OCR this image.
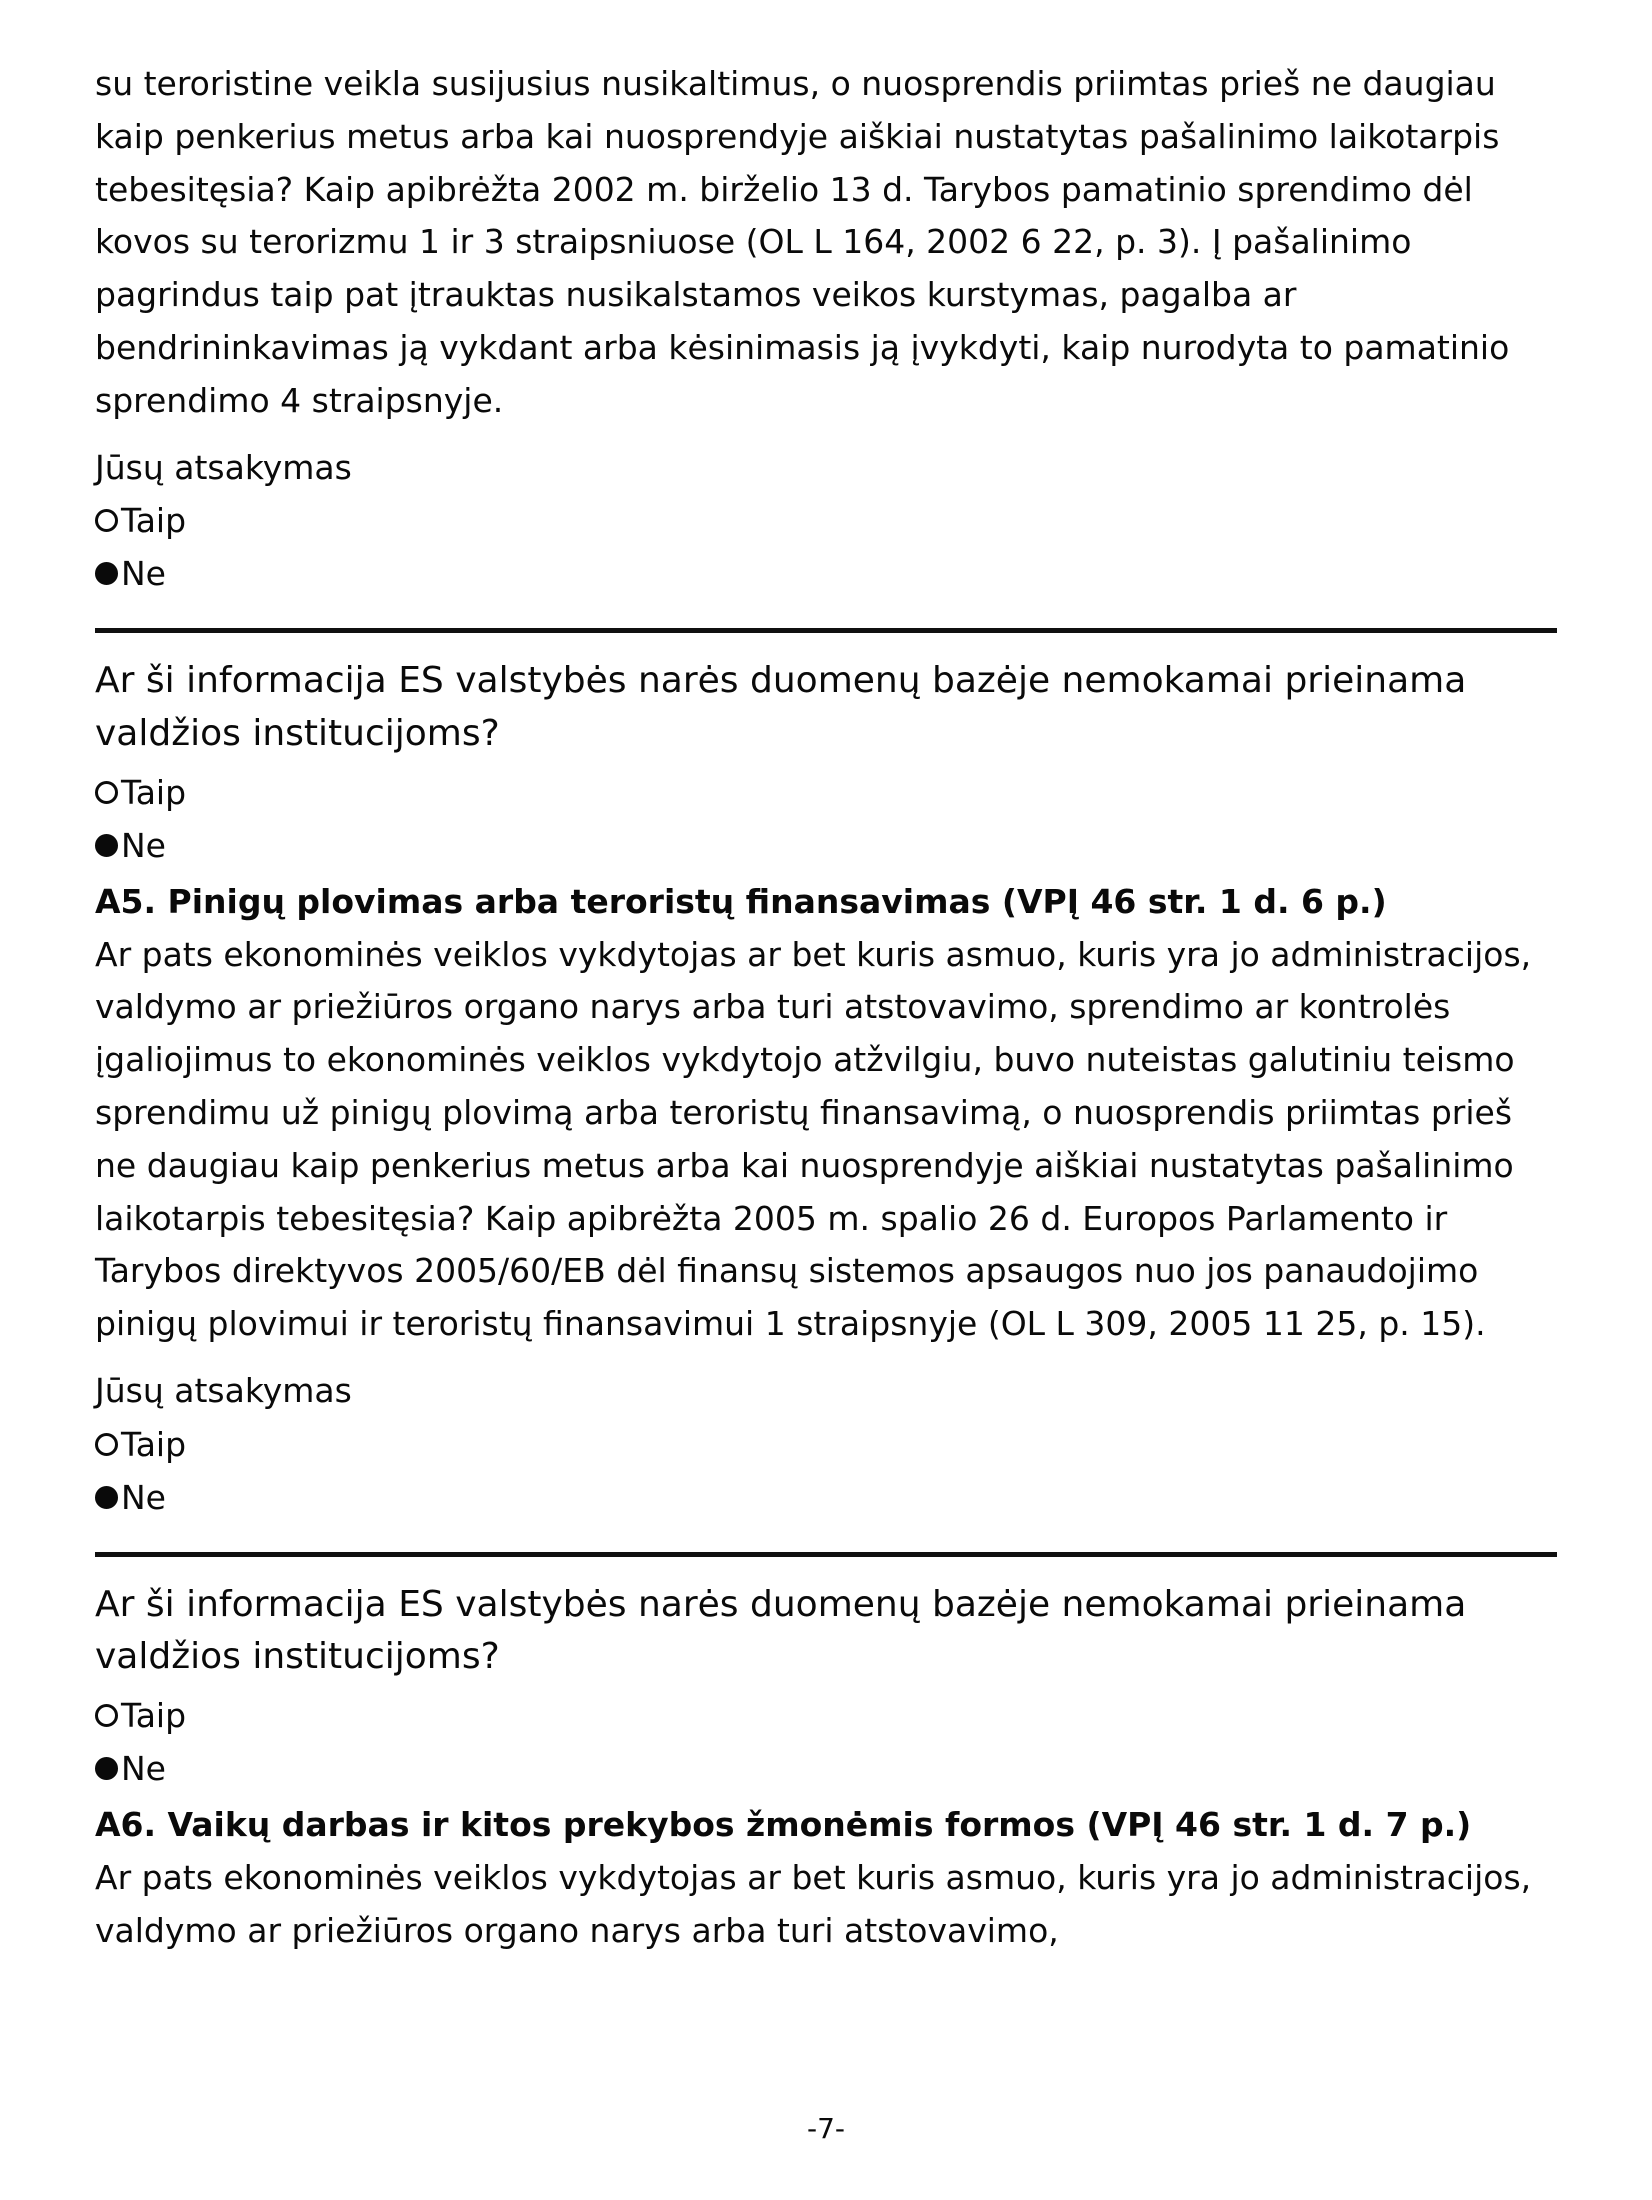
su teroristine veikla susijusius nusikaltimus, o nuosprendis priimtas prieš ne daugiau kaip penkerius metus arba kai nuosprendyje aiškiai nustatytas pašalinimo laikotarpis tebesitęsia? Kaip apibrėžta 2002 m. birželio 13 d. Tarybos pamatinio sprendimo dėl kovos su terorizmu 1 ir 3 straipsniuose (OL L 164, 2002 6 22, p. 3). Į pašalinimo pagrindus taip pat įtrauktas nusikalstamos veikos kurstymas, pagalba ar bendrininkavimas ją vykdant arba kėsinimasis ją įvykdyti, kaip nurodyta to pamatinio sprendimo 4 straipsnyje.

Jūsų atsakymas

Taip
Ne
Ar ši informacija ES valstybės narės duomenų bazėje nemokamai prieinama valdžios institucijoms?
Taip
Ne
A5. Pinigų plovimas arba teroristų finansavimas (VPĮ 46 str. 1 d. 6 p.)

Ar pats ekonominės veiklos vykdytojas ar bet kuris asmuo, kuris yra jo administracijos, valdymo ar priežiūros organo narys arba turi atstovavimo, sprendimo ar kontrolės įgaliojimus to ekonominės veiklos vykdytojo atžvilgiu, buvo nuteistas galutiniu teismo sprendimu už pinigų plovimą arba teroristų finansavimą, o nuosprendis priimtas prieš ne daugiau kaip penkerius metus arba kai nuosprendyje aiškiai nustatytas pašalinimo laikotarpis tebesitęsia? Kaip apibrėžta 2005 m. spalio 26 d. Europos Parlamento ir Tarybos direktyvos 2005/60/EB dėl finansų sistemos apsaugos nuo jos panaudojimo pinigų plovimui ir teroristų finansavimui 1 straipsnyje (OL L 309, 2005 11 25, p. 15).

Jūsų atsakymas

Taip
Ne
Ar ši informacija ES valstybės narės duomenų bazėje nemokamai prieinama valdžios institucijoms?
Taip
Ne
A6. Vaikų darbas ir kitos prekybos žmonėmis formos (VPĮ 46 str. 1 d. 7 p.)

Ar pats ekonominės veiklos vykdytojas ar bet kuris asmuo, kuris yra jo administracijos, valdymo ar priežiūros organo narys arba turi atstovavimo,

-7-
